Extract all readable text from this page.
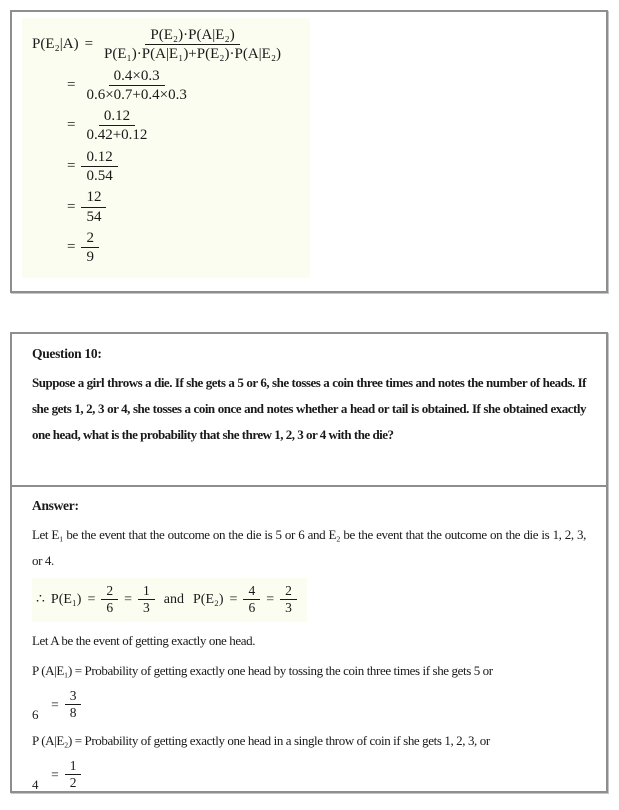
$P(E_2|A) = \frac{\text{P(E₂)·P(A|E₂)}}{\text{P(E₁)·P(A|E₁)+P(E₂)·P(A|E₂)}}$
= $\frac{0.4\times 0.3}{0.6\times 0.7+0.4\times 0.3}$
= $\frac{0.12}{0.42+0.12}$
= $\frac{0.12}{0.54}$
= $\frac{12}{54}$
= $\frac{2}{9}$
Question 10:

Suppose a girl throws a die. If she gets a 5 or 6, she tosses a coin three times and notes the number of heads. If she gets 1, 2, 3 or 4, she tosses a coin once and notes whether a head or tail is obtained. If she obtained exactly one head, what is the probability that she threw 1, 2, 3 or 4 with the die?

Answer:

Let E₁ be the event that the outcome on the die is 5 or 6 and E₂ be the event that the outcome on the die is 1, 2, 3, or 4.

∴ $P(E_1) = \frac{2}{6} = \frac{1}{3}$ and $P(E_2) = \frac{4}{6} = \frac{2}{3}$

Let A be the event of getting exactly one head.

P (A|E₁) = Probability of getting exactly one head by tossing the coin three times if she gets 5 or

6
= $\frac{3}{8}$

P (A|E₂) = Probability of getting exactly one head in a single throw of coin if she gets 1, 2, 3, or

4
= $\frac{1}{2}$
